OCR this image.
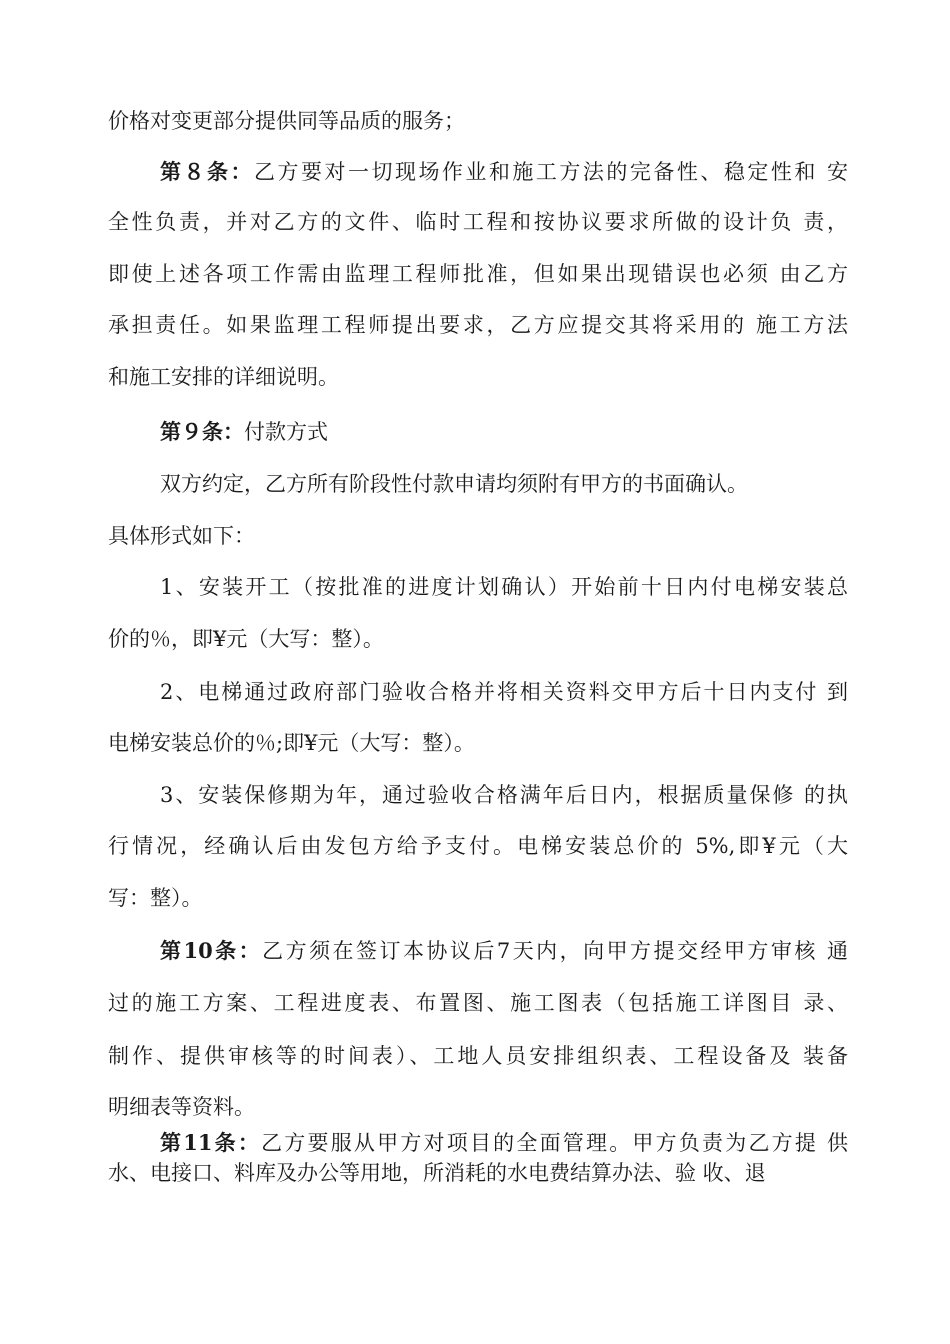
价格对变更部分提供同等品质的服务；
第８条：乙方要对一切现场作业和施工方法的完备性、稳定性和 安
全性负责，并对乙方的文件、临时工程和按协议要求所做的设计负 责，
即使上述各项工作需由监理工程师批准，但如果出现错误也必须 由乙方
承担责任。如果监理工程师提出要求，乙方应提交其将采用的 施工方法
和施工安排的详细说明。
第９条：付款方式
双方约定，乙方所有阶段性付款申请均须附有甲方的书面确认。
具体形式如下：
1、安装开工（按批准的进度计划确认）开始前十日内付电梯安装总
价的％，即¥元（大写：整）。
2、电梯通过政府部门验收合格并将相关资料交甲方后十日内支付 到
电梯安装总价的％;即¥元（大写：整）。
3、安装保修期为年，通过验收合格满年后日内，根据质量保修 的执
行情况，经确认后由发包方给予支付。电梯安装总价的 5%,即¥元（大
写：整）。
第10条：乙方须在签订本协议后7天内，向甲方提交经甲方审核 通
过的施工方案、工程进度表、布置图、施工图表（包括施工详图目 录、
制作、提供审核等的时间表）、工地人员安排组织表、工程设备及 装备
明细表等资料。
第11条：乙方要服从甲方对项目的全面管理。甲方负责为乙方提 供
水、电接口、料库及办公等用地，所消耗的水电费结算办法、验 收、退
